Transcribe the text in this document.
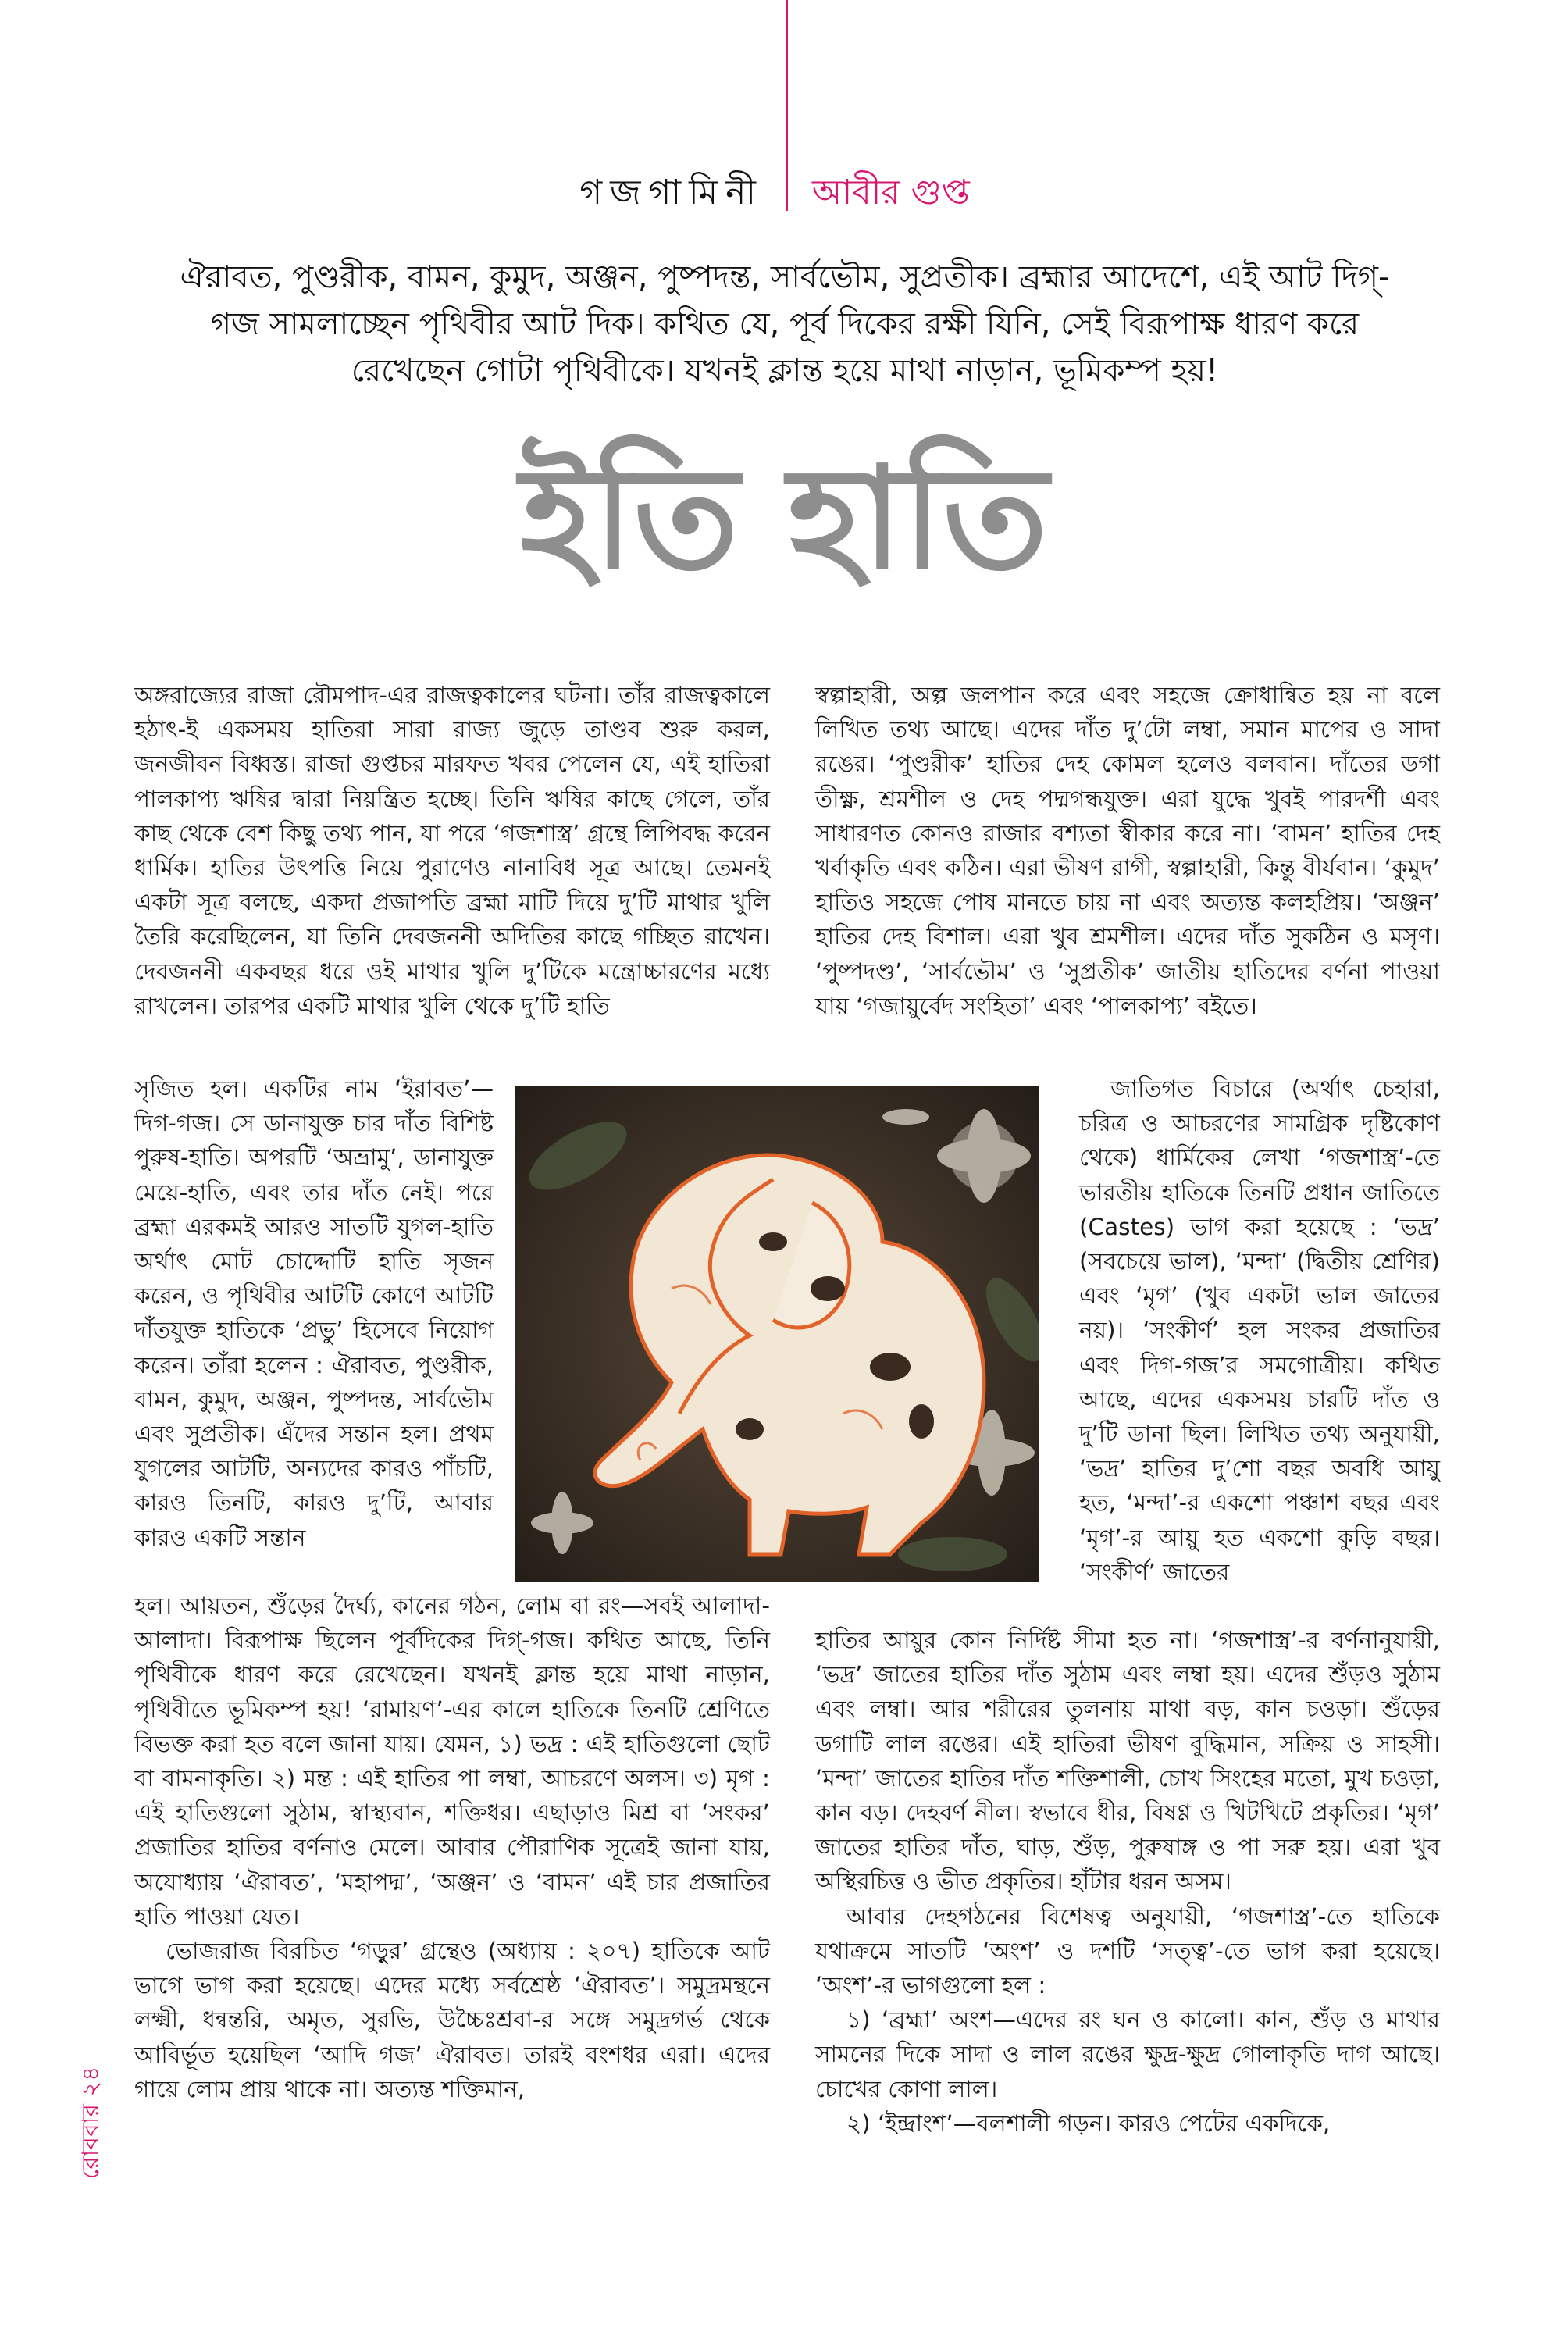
গজগামিনী আবীর গুপ্ত
ঐরাবত, পুণ্ডরীক, বামন, কুমুদ, অঞ্জন, পুষ্পদন্ত, সার্বভৌম, সুপ্রতীক। ব্রহ্মার আদেশে, এই আট দিগ্-গজ সামলাচ্ছেন পৃথিবীর আট দিক। কথিত যে, পূর্ব দিকের রক্ষী যিনি, সেই বিরূপাক্ষ ধারণ করে রেখেছেন গোটা পৃথিবীকে। যখনই ক্লান্ত হয়ে মাথা নাড়ান, ভূমিকম্প হয়!
ইতি হাতি

অঙ্গরাজ্যের রাজা রৌমপাদ-এর রাজত্বকালের ঘটনা। তাঁর রাজত্বকালে হঠাৎ-ই একসময় হাতিরা সারা রাজ্য জুড়ে তাণ্ডব শুরু করল, জনজীবন বিধ্বস্ত। রাজা গুপ্তচর মারফত খবর পেলেন যে, এই হাতিরা পালকাপ্য ঋষির দ্বারা নিয়ন্ত্রিত হচ্ছে। তিনি ঋষির কাছে গেলে, তাঁর কাছ থেকে বেশ কিছু তথ্য পান, যা পরে ‘গজশাস্ত্র’ গ্রন্থে লিপিবদ্ধ করেন ধার্মিক। হাতির উৎপত্তি নিয়ে পুরাণেও নানাবিধ সূত্র আছে। তেমনই একটা সূত্র বলছে, একদা প্রজাপতি ব্রহ্মা মাটি দিয়ে দু’টি মাথার খুলি তৈরি করেছিলেন, যা তিনি দেবজননী অদিতির কাছে গচ্ছিত রাখেন। দেবজননী একবছর ধরে ওই মাথার খুলি দু’টিকে মন্ত্রোচ্চারণের মধ্যে রাখলেন। তারপর একটি মাথার খুলি থেকে দু’টি হাতি

সৃজিত হল। একটির নাম ‘ইরাবত’—দিগ-গজ। সে ডানাযুক্ত চার দাঁত বিশিষ্ট পুরুষ-হাতি। অপরটি ‘অভ্রামু’, ডানাযুক্ত মেয়ে-হাতি, এবং তার দাঁত নেই। পরে ব্রহ্মা এরকমই আরও সাতটি যুগল-হাতি অর্থাৎ মোট চোদ্দোটি হাতি সৃজন করেন, ও পৃথিবীর আটটি কোণে আটটি দাঁতযুক্ত হাতিকে ‘প্রভু’ হিসেবে নিয়োগ করেন। তাঁরা হলেন : ঐরাবত, পুণ্ডরীক, বামন, কুমুদ, অঞ্জন, পুষ্পদন্ত, সার্বভৌম এবং সুপ্রতীক। এঁদের সন্তান হল। প্রথম যুগলের আটটি, অন্যদের কারও পাঁচটি, কারও তিনটি, কারও দু’টি, আবার কারও একটি সন্তান

হল। আয়তন, শুঁড়ের দৈর্ঘ্য, কানের গঠন, লোম বা রং—সবই আলাদা-আলাদা। বিরূপাক্ষ ছিলেন পূর্বদিকের দিগ্-গজ। কথিত আছে, তিনি পৃথিবীকে ধারণ করে রেখেছেন। যখনই ক্লান্ত হয়ে মাথা নাড়ান, পৃথিবীতে ভূমিকম্প হয়! ‘রামায়ণ’-এর কালে হাতিকে তিনটি শ্রেণিতে বিভক্ত করা হত বলে জানা যায়। যেমন, ১) ভদ্র : এই হাতিগুলো ছোট বা বামনাকৃতি। ২) মন্ত : এই হাতির পা লম্বা, আচরণে অলস। ৩) মৃগ : এই হাতিগুলো সুঠাম, স্বাস্থ্যবান, শক্তিধর। এছাড়াও মিশ্র বা ‘সংকর’ প্রজাতির হাতির বর্ণনাও মেলে। আবার পৌরাণিক সূত্রেই জানা যায়, অযোধ্যায় ‘ঐরাবত’, ‘মহাপদ্ম’, ‘অঞ্জন’ ও ‘বামন’ এই চার প্রজাতির হাতি পাওয়া যেত।

ভোজরাজ বিরচিত ‘গড়ুর’ গ্রন্থেও (অধ্যায় : ২০৭) হাতিকে আট ভাগে ভাগ করা হয়েছে। এদের মধ্যে সর্বশ্রেষ্ঠ ‘ঐরাবত’। সমুদ্রমন্থনে লক্ষ্মী, ধন্বন্তরি, অমৃত, সুরভি, উচ্চৈঃশ্রবা-র সঙ্গে সমুদ্রগর্ভ থেকে আবির্ভূত হয়েছিল ‘আদি গজ’ ঐরাবত। তারই বংশধর এরা। এদের গায়ে লোম প্রায় থাকে না। অত্যন্ত শক্তিমান,

স্বল্পাহারী, অল্প জলপান করে এবং সহজে ক্রোধান্বিত হয় না বলে লিখিত তথ্য আছে। এদের দাঁত দু’টো লম্বা, সমান মাপের ও সাদা রঙের। ‘পুণ্ডরীক’ হাতির দেহ কোমল হলেও বলবান। দাঁতের ডগা তীক্ষ্ণ, শ্রমশীল ও দেহ পদ্মগন্ধযুক্ত। এরা যুদ্ধে খুবই পারদর্শী এবং সাধারণত কোনও রাজার বশ্যতা স্বীকার করে না। ‘বামন’ হাতির দেহ খর্বাকৃতি এবং কঠিন। এরা ভীষণ রাগী, স্বল্পাহারী, কিন্তু বীর্যবান। ‘কুমুদ’ হাতিও সহজে পোষ মানতে চায় না এবং অত্যন্ত কলহপ্রিয়। ‘অঞ্জন’ হাতির দেহ বিশাল। এরা খুব শ্রমশীল। এদের দাঁত সুকঠিন ও মসৃণ। ‘পুষ্পদণ্ড’, ‘সার্বভৌম’ ও ‘সুপ্রতীক’ জাতীয় হাতিদের বর্ণনা পাওয়া যায় ‘গজায়ুর্বেদ সংহিতা’ এবং ‘পালকাপ্য’ বইতে।

জাতিগত বিচারে (অর্থাৎ চেহারা, চরিত্র ও আচরণের সামগ্রিক দৃষ্টিকোণ থেকে) ধার্মিকের লেখা ‘গজশাস্ত্র’-তে ভারতীয় হাতিকে তিনটি প্রধান জাতিতে (Castes) ভাগ করা হয়েছে : ‘ভদ্র’ (সবচেয়ে ভাল), ‘মন্দা’ (দ্বিতীয় শ্রেণির) এবং ‘মৃগ’ (খুব একটা ভাল জাতের নয়)। ‘সংকীর্ণ’ হল সংকর প্রজাতির এবং দিগ-গজ’র সমগোত্রীয়। কথিত আছে, এদের একসময় চারটি দাঁত ও দু’টি ডানা ছিল। লিখিত তথ্য অনুযায়ী, ‘ভদ্র’ হাতির দু’শো বছর অবধি আয়ু হত, ‘মন্দা’-র একশো পঞ্চাশ বছর এবং ‘মৃগ’-র আয়ু হত একশো কুড়ি বছর। ‘সংকীর্ণ’ জাতের

হাতির আয়ুর কোন নির্দিষ্ট সীমা হত না। ‘গজশাস্ত্র’-র বর্ণনানুযায়ী, ‘ভদ্র’ জাতের হাতির দাঁত সুঠাম এবং লম্বা হয়। এদের শুঁড়ও সুঠাম এবং লম্বা। আর শরীরের তুলনায় মাথা বড়, কান চওড়া। শুঁড়ের ডগাটি লাল রঙের। এই হাতিরা ভীষণ বুদ্ধিমান, সক্রিয় ও সাহসী। ‘মন্দা’ জাতের হাতির দাঁত শক্তিশালী, চোখ সিংহের মতো, মুখ চওড়া, কান বড়। দেহবর্ণ নীল। স্বভাবে ধীর, বিষণ্ণ ও খিটখিটে প্রকৃতির। ‘মৃগ’ জাতের হাতির দাঁত, ঘাড়, শুঁড়, পুরুষাঙ্গ ও পা সরু হয়। এরা খুব অস্থিরচিত্ত ও ভীত প্রকৃতির। হাঁটার ধরন অসম।

আবার দেহগঠনের বিশেষত্ব অনুযায়ী, ‘গজশাস্ত্র’-তে হাতিকে যথাক্রমে সাতটি ‘অংশ’ ও দশটি ‘সত্ত্ব’-তে ভাগ করা হয়েছে। ‘অংশ’-র ভাগগুলো হল :

১) ‘ব্রহ্মা’ অংশ—এদের রং ঘন ও কালো। কান, শুঁড় ও মাথার সামনের দিকে সাদা ও লাল রঙের ক্ষুদ্র-ক্ষুদ্র গোলাকৃতি দাগ আছে। চোখের কোণা লাল।

২) ‘ইন্দ্রাংশ’—বলশালী গড়ন। কারও পেটের একদিকে,

রোববার ২৪
